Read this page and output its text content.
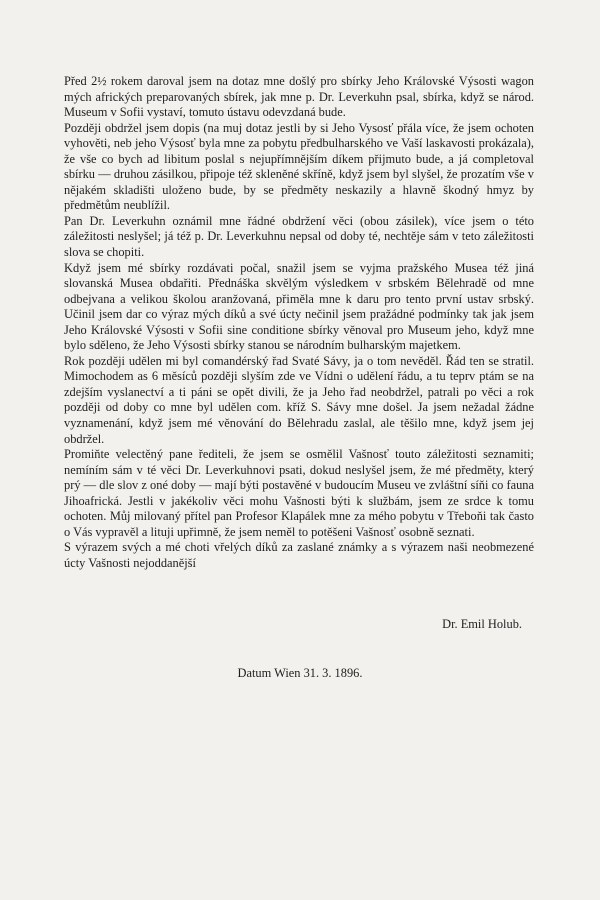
Před 2½ rokem daroval jsem na dotaz mne došlý pro sbírky Jeho Královské Výsosti wagon mých afrických preparovaných sbírek, jak mne p. Dr. Leverkuhn psal, sbírka, když se národ. Museum v Sofii vystaví, tomuto ústavu odevzdaná bude.

Později obdržel jsem dopis (na muj dotaz jestli by si Jeho Vysosť přála více, že jsem ochoten vyhověti, neb jeho Výsosť byla mne za pobytu předbulharského ve Vaší laskavosti prokázala), že vše co bych ad libitum poslal s nejupřímnějším díkem přijmuto bude, a já completoval sbírku — druhou zásilkou, připoje též skleněné skříně, když jsem byl slyšel, že prozatím vše v nějakém skladišti uloženo bude, by se předměty neskazily a hlavně škodný hmyz by předmětům neublížil.

Pan Dr. Leverkuhn oznámil mne řádné obdržení věci (obou zásilek), více jsem o této záležitosti neslyšel; já též p. Dr. Leverkuhnu nepsal od doby té, nechtěje sám v teto záležitosti slova se chopiti.

Když jsem mé sbírky rozdávati počal, snažil jsem se vyjma pražského Musea též jiná slovanská Musea obdařiti. Přednáška skvělým výsledkem v srbském Bělehradě od mne odbejvana a velikou školou aranžovaná, přiměla mne k daru pro tento první ustav srbský. Učinil jsem dar co výraz mých díků a své úcty nečinil jsem pražádné podmínky tak jak jsem Jeho Královské Výsosti v Sofii sine conditione sbírky věnoval pro Museum jeho, když mne bylo sděleno, že Jeho Výsosti sbírky stanou se národním bulharským majetkem.

Rok později udělen mi byl comandérský řad Svaté Sávy, ja o tom nevěděl. Řád ten se stratil. Mimochodem as 6 měsíců později slyším zde ve Vídni o udělení řádu, a tu teprv ptám se na zdejším vyslanectví a ti páni se opět divili, že ja Jeho řad neobdržel, patrali po věci a rok později od doby co mne byl udělen com. kříž S. Sávy mne došel. Ja jsem nežadal žádne vyznamenání, když jsem mé věnování do Bělehradu zaslal, ale těšilo mne, když jsem jej obdržel.

Promiňte velectěný pane řediteli, že jsem se osmělil Vašnosť touto záležitosti seznamiti; nemíním sám v té věci Dr. Leverkuhnovi psati, dokud neslyšel jsem, že mé předměty, který prý — dle slov z oné doby — mají býti postavěné v budoucím Museu ve zvláštní síňi co fauna Jihoafrická. Jestli v jakékoliv věci mohu Vašnosti býti k službám, jsem ze srdce k tomu ochoten. Můj milovaný přítel pan Profesor Klapálek mne za mého pobytu v Třeboňi tak často o Vás vypravěl a lituji upřimně, že jsem neměl to potěšeni Vašnosť osobně seznati.

S výrazem svých a mé choti vřelých díků za zaslané známky a s výrazem naši neobmezené úcty Vašnosti nejoddanější

Dr. Emil Holub.
Datum Wien 31. 3. 1896.
